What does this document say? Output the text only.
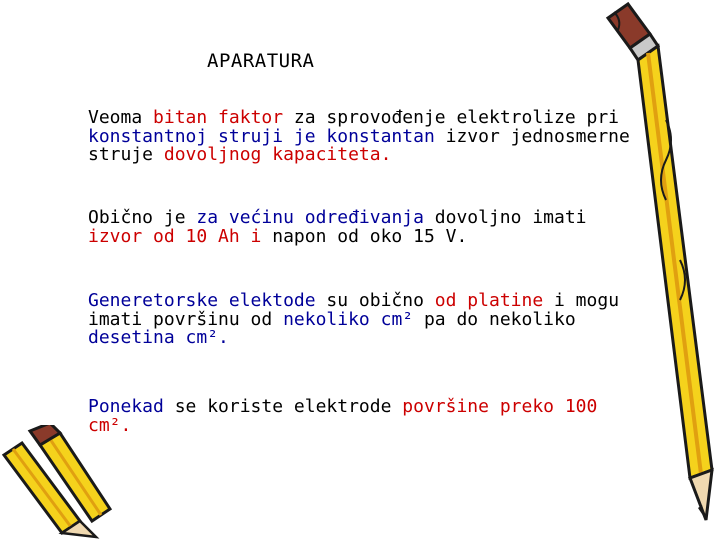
APARATURA

Veoma bitan faktor za sprovođenje elektrolize pri konstantnoj struji je konstantan izvor jednosmerne struje dovoljnog kapaciteta.

Obično je za većinu određivanja dovoljno imati izvor od 10 Ah i napon od oko 15 V.

Generetorske elektode su obično od platine i mogu imati površinu od nekoliko cm² pa do nekoliko desetina cm².

Ponekad se koriste elektrode površine preko 100 cm².
